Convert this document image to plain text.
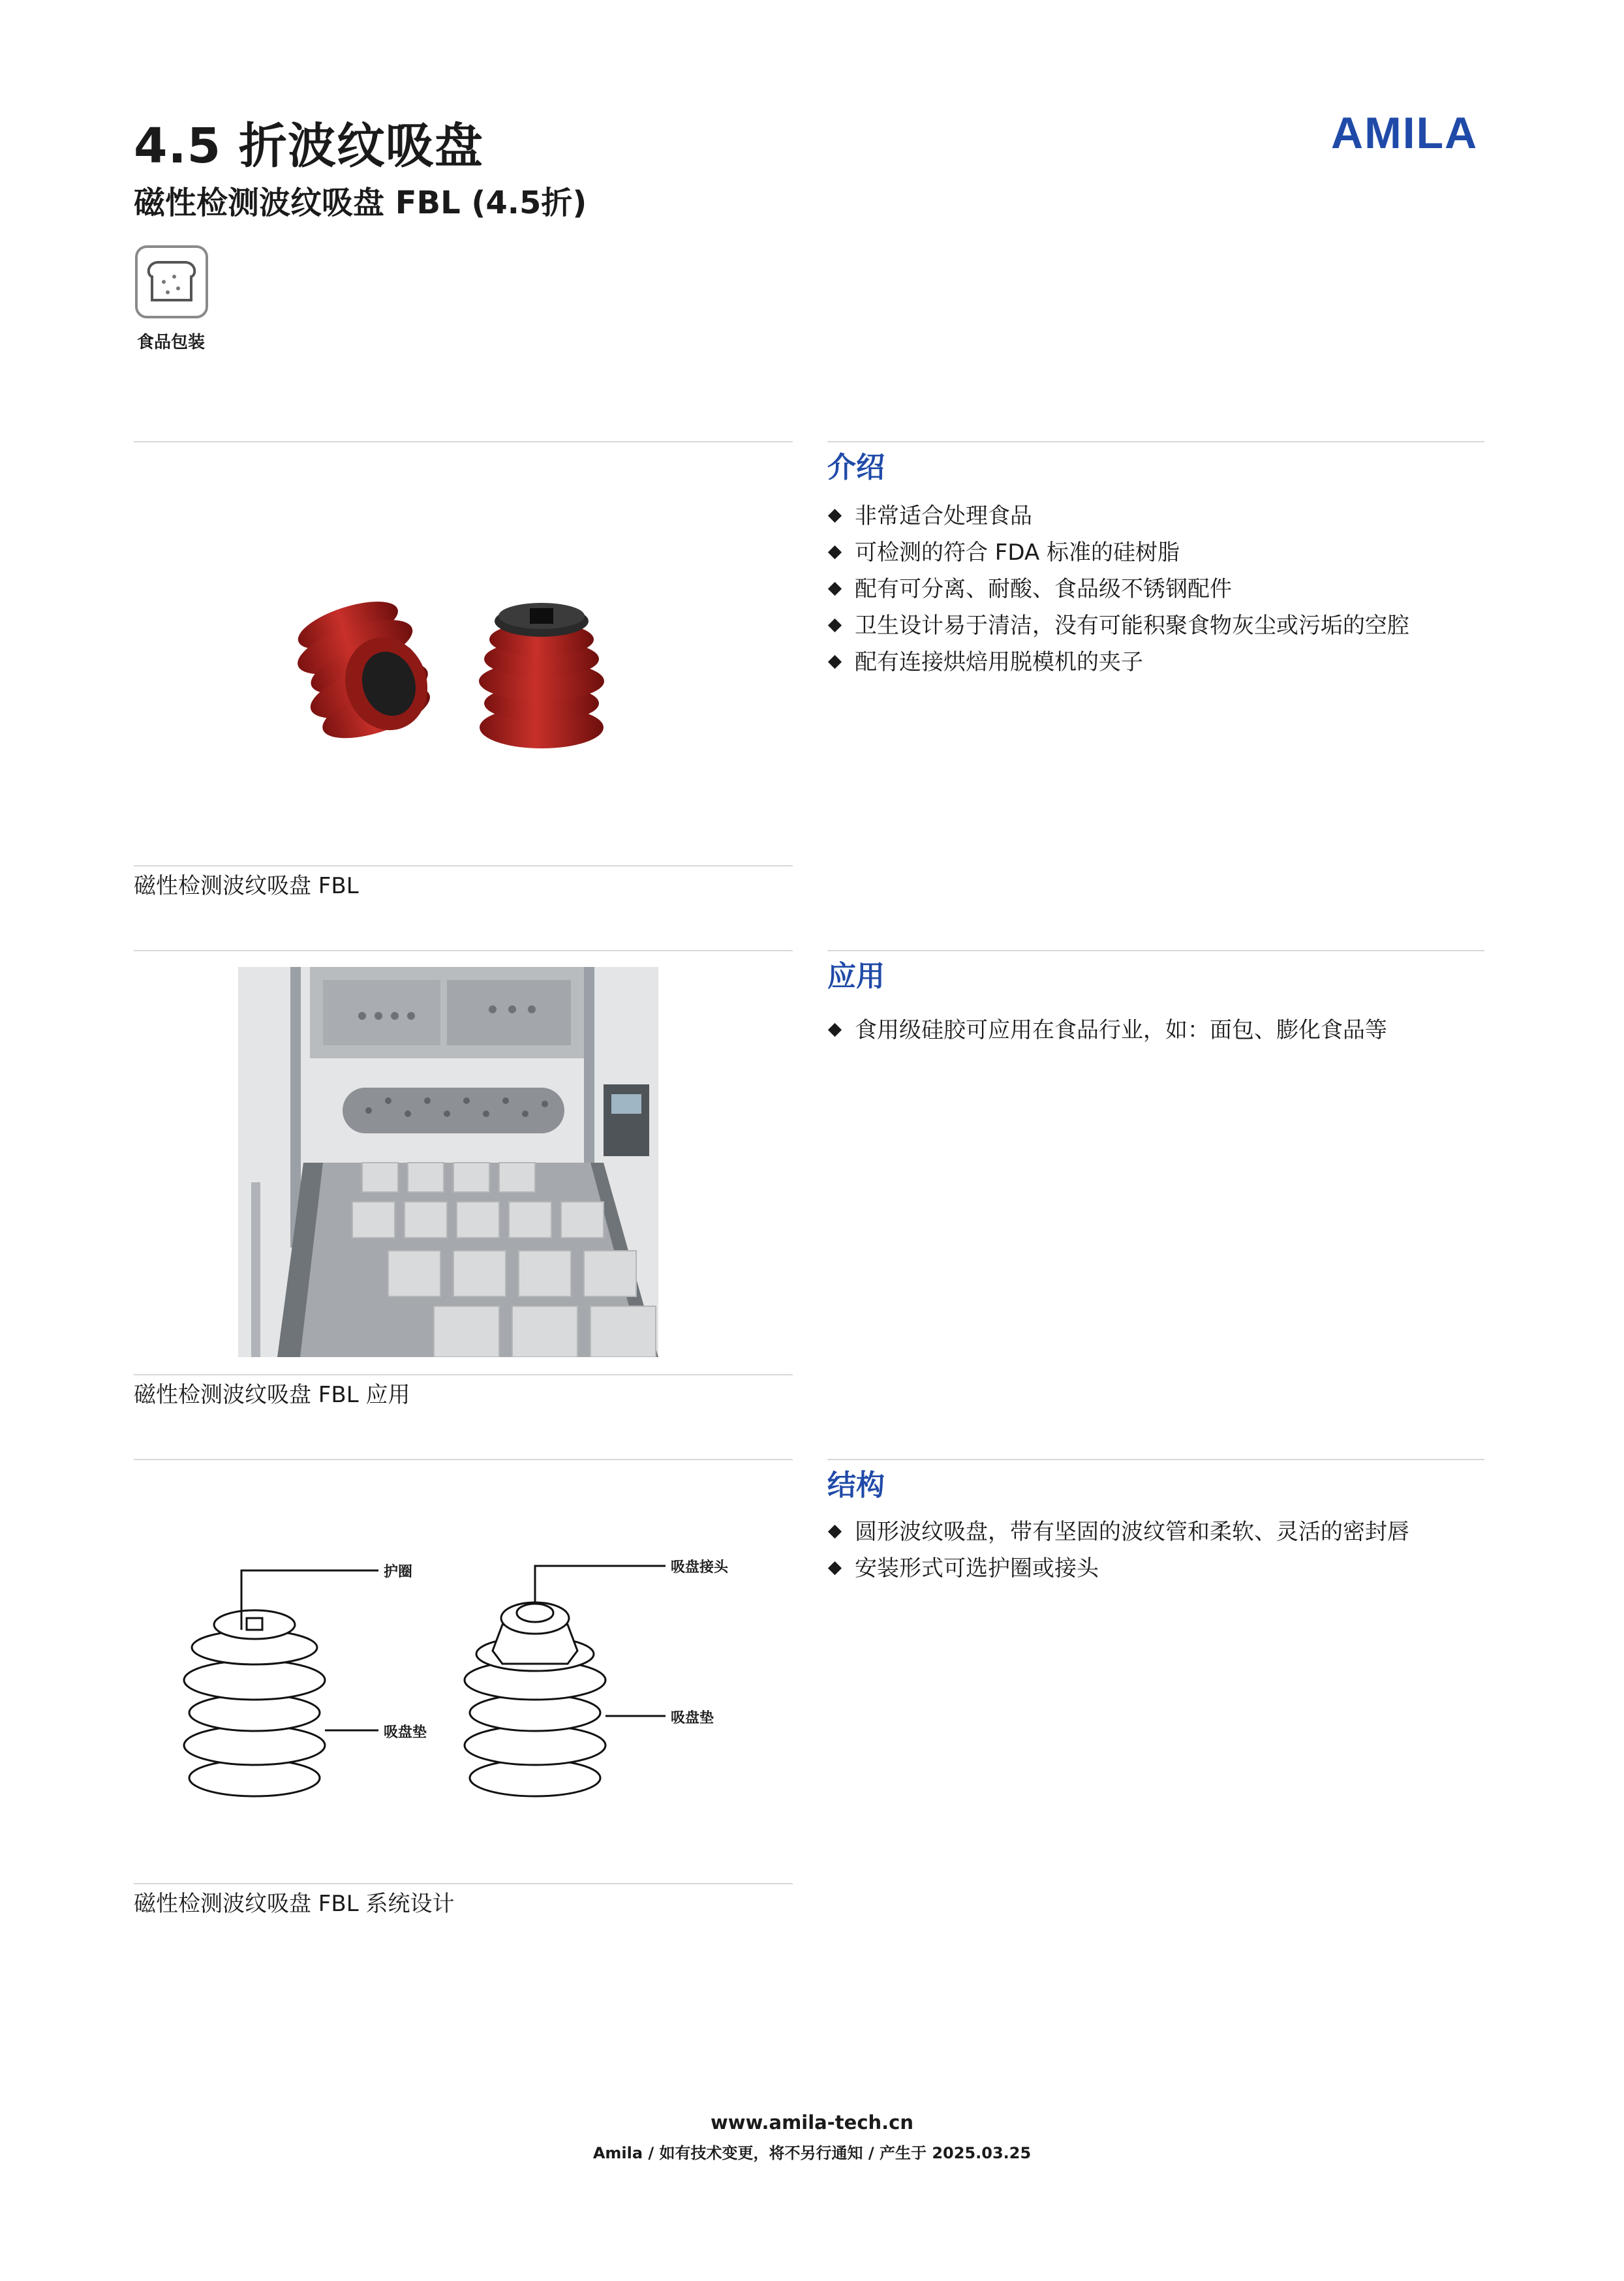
4.5 折波纹吸盘
磁性检测波纹吸盘 FBL (4.5折)
AMILA
食品包装
磁性检测波纹吸盘 FBL
介绍
非常适合处理食品
可检测的符合 FDA 标准的硅树脂
配有可分离、耐酸、食品级不锈钢配件
卫生设计易于清洁，没有可能积聚食物灰尘或污垢的空腔
配有连接烘焙用脱模机的夹子
磁性检测波纹吸盘 FBL 应用
应用
食用级硅胶可应用在食品行业，如：面包、膨化食品等
护圈
吸盘垫
吸盘接头
吸盘垫
磁性检测波纹吸盘 FBL 系统设计
结构
圆形波纹吸盘，带有坚固的波纹管和柔软、灵活的密封唇
安装形式可选护圈或接头
www.amila-tech.cn
Amila / 如有技术变更，将不另行通知 / 产生于 2025.03.25
